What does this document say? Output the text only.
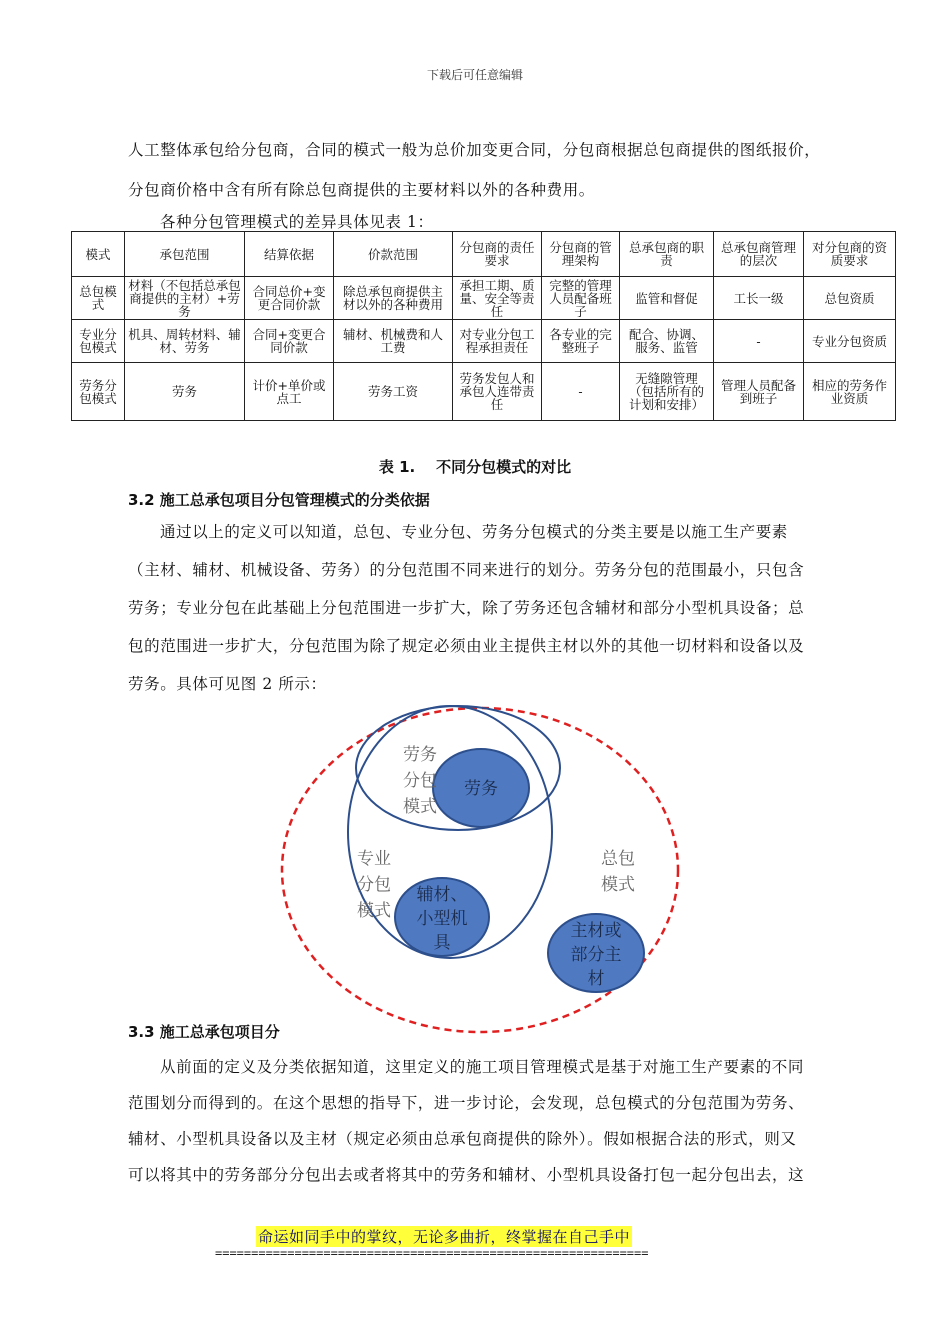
下载后可任意编辑
人工整体承包给分包商，合同的模式一般为总价加变更合同，分包商根据总包商提供的图纸报价，
分包商价格中含有所有除总包商提供的主要材料以外的各种费用。
各种分包管理模式的差异具体见表 1：
模式	承包范围	结算依据	价款范围	分包商的责任要求	分包商的管理架构	总承包商的职责	总承包商管理的层次	对分包商的资质要求
总包模式	材料（不包括总承包商提供的主材）+劳务	合同总价+变更合同价款	除总承包商提供主材以外的各种费用	承担工期、质量、安全等责任	完整的管理人员配备班子	监管和督促	工长一级	总包资质
专业分包模式	机具、周转材料、辅材、劳务	合同+变更合同价款	辅材、机械费和人工费	对专业分包工程承担责任	各专业的完整班子	配合、协调、服务、监管	-	专业分包资质
劳务分包模式	劳务	计价+单价或点工	劳务工资	劳务发包人和承包人连带责任	-	无缝隙管理（包括所有的计划和安排）	管理人员配备到班子	相应的劳务作业资质
表 1. 不同分包模式的对比
3.2 施工总承包项目分包管理模式的分类依据
通过以上的定义可以知道，总包、专业分包、劳务分包模式的分类主要是以施工生产要素
（主材、辅材、机械设备、劳务）的分包范围不同来进行的划分。劳务分包的范围最小，只包含
劳务；专业分包在此基础上分包范围进一步扩大，除了劳务还包含辅材和部分小型机具设备；总
包的范围进一步扩大，分包范围为除了规定必须由业主提供主材以外的其他一切材料和设备以及
劳务。具体可见图 2 所示：
劳务
分包
模式
劳务
专业
分包
模式
辅材、
小型机
具
总包
模式
主材或
部分主
材
3.3 施工总承包项目分
从前面的定义及分类依据知道，这里定义的施工项目管理模式是基于对施工生产要素的不同
范围划分而得到的。在这个思想的指导下，进一步讨论，会发现，总包模式的分包范围为劳务、
辅材、小型机具设备以及主材（规定必须由总承包商提供的除外）。假如根据合法的形式，则又
可以将其中的劳务部分分包出去或者将其中的劳务和辅材、小型机具设备打包一起分包出去，这
命运如同手中的掌纹，无论多曲折，终掌握在自己手中
============================================================
